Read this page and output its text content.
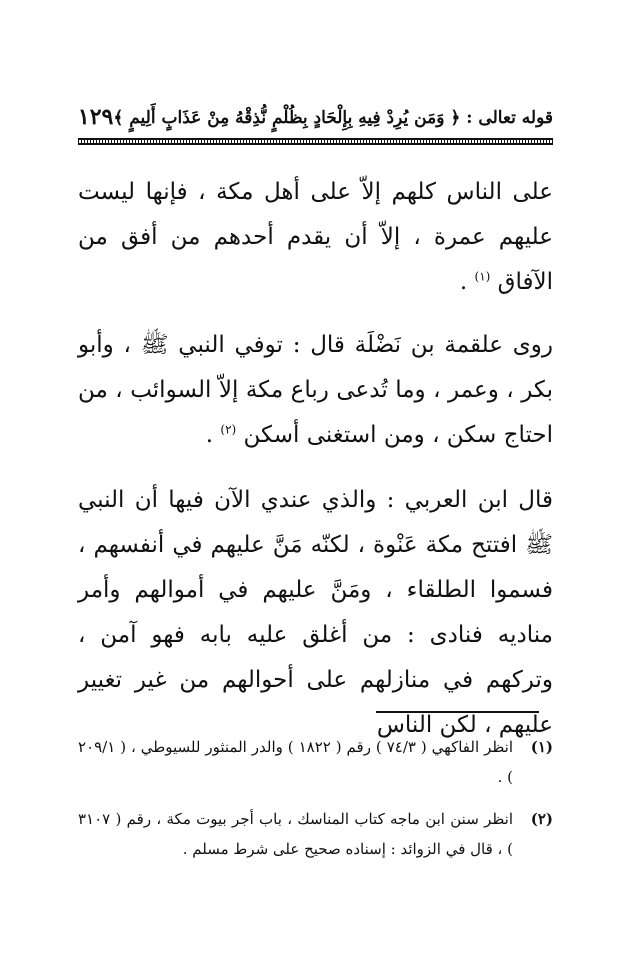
قوله تعالى : ﴿ وَمَن يُرِدْ فِيهِ بِإِلْحَادٍ بِظُلْمٍ نُّذِقْهُ مِنْ عَذَابٍ أَلِيمٍ ﴾
١٢٩

على الناس كلهم إلاّ على أهل مكة ، فإنها ليست عليهم عمرة ، إلاّ أن يقدم أحدهم من أفق من الآفاق $^{(١)}$ .

روى علقمة بن نَضْلَة قال : توفي النبي ﷺ ، وأبو بكر ، وعمر ، وما تُدعى رباع مكة إلاّ السوائب ، من احتاج سكن ، ومن استغنى أسكن $^{(٢)}$ .

قال ابن العربي : والذي عندي الآن فيها أن النبي ﷺ افتتح مكة عَنْوة ، لكنّه مَنَّ عليهم في أنفسهم ، فسموا الطلقاء ، ومَنَّ عليهم في أموالهم وأمر مناديه فنادى : من أغلق عليه بابه فهو آمن ، وتركهم في منازلهم على أحوالهم من غير تغيير عليهم ، لكن الناس

(١)
انظر الفاكهي ( ٧٤/٣ ) رقم ( ١٨٢٢ ) والدر المنثور للسيوطي ، ( ٢٠٩/١ ) .
(٢)
انظر سنن ابن ماجه كتاب المناسك ، باب أجر بيوت مكة ، رقم ( ٣١٠٧ ) ، قال في الزوائد : إسناده صحيح على شرط مسلم .
